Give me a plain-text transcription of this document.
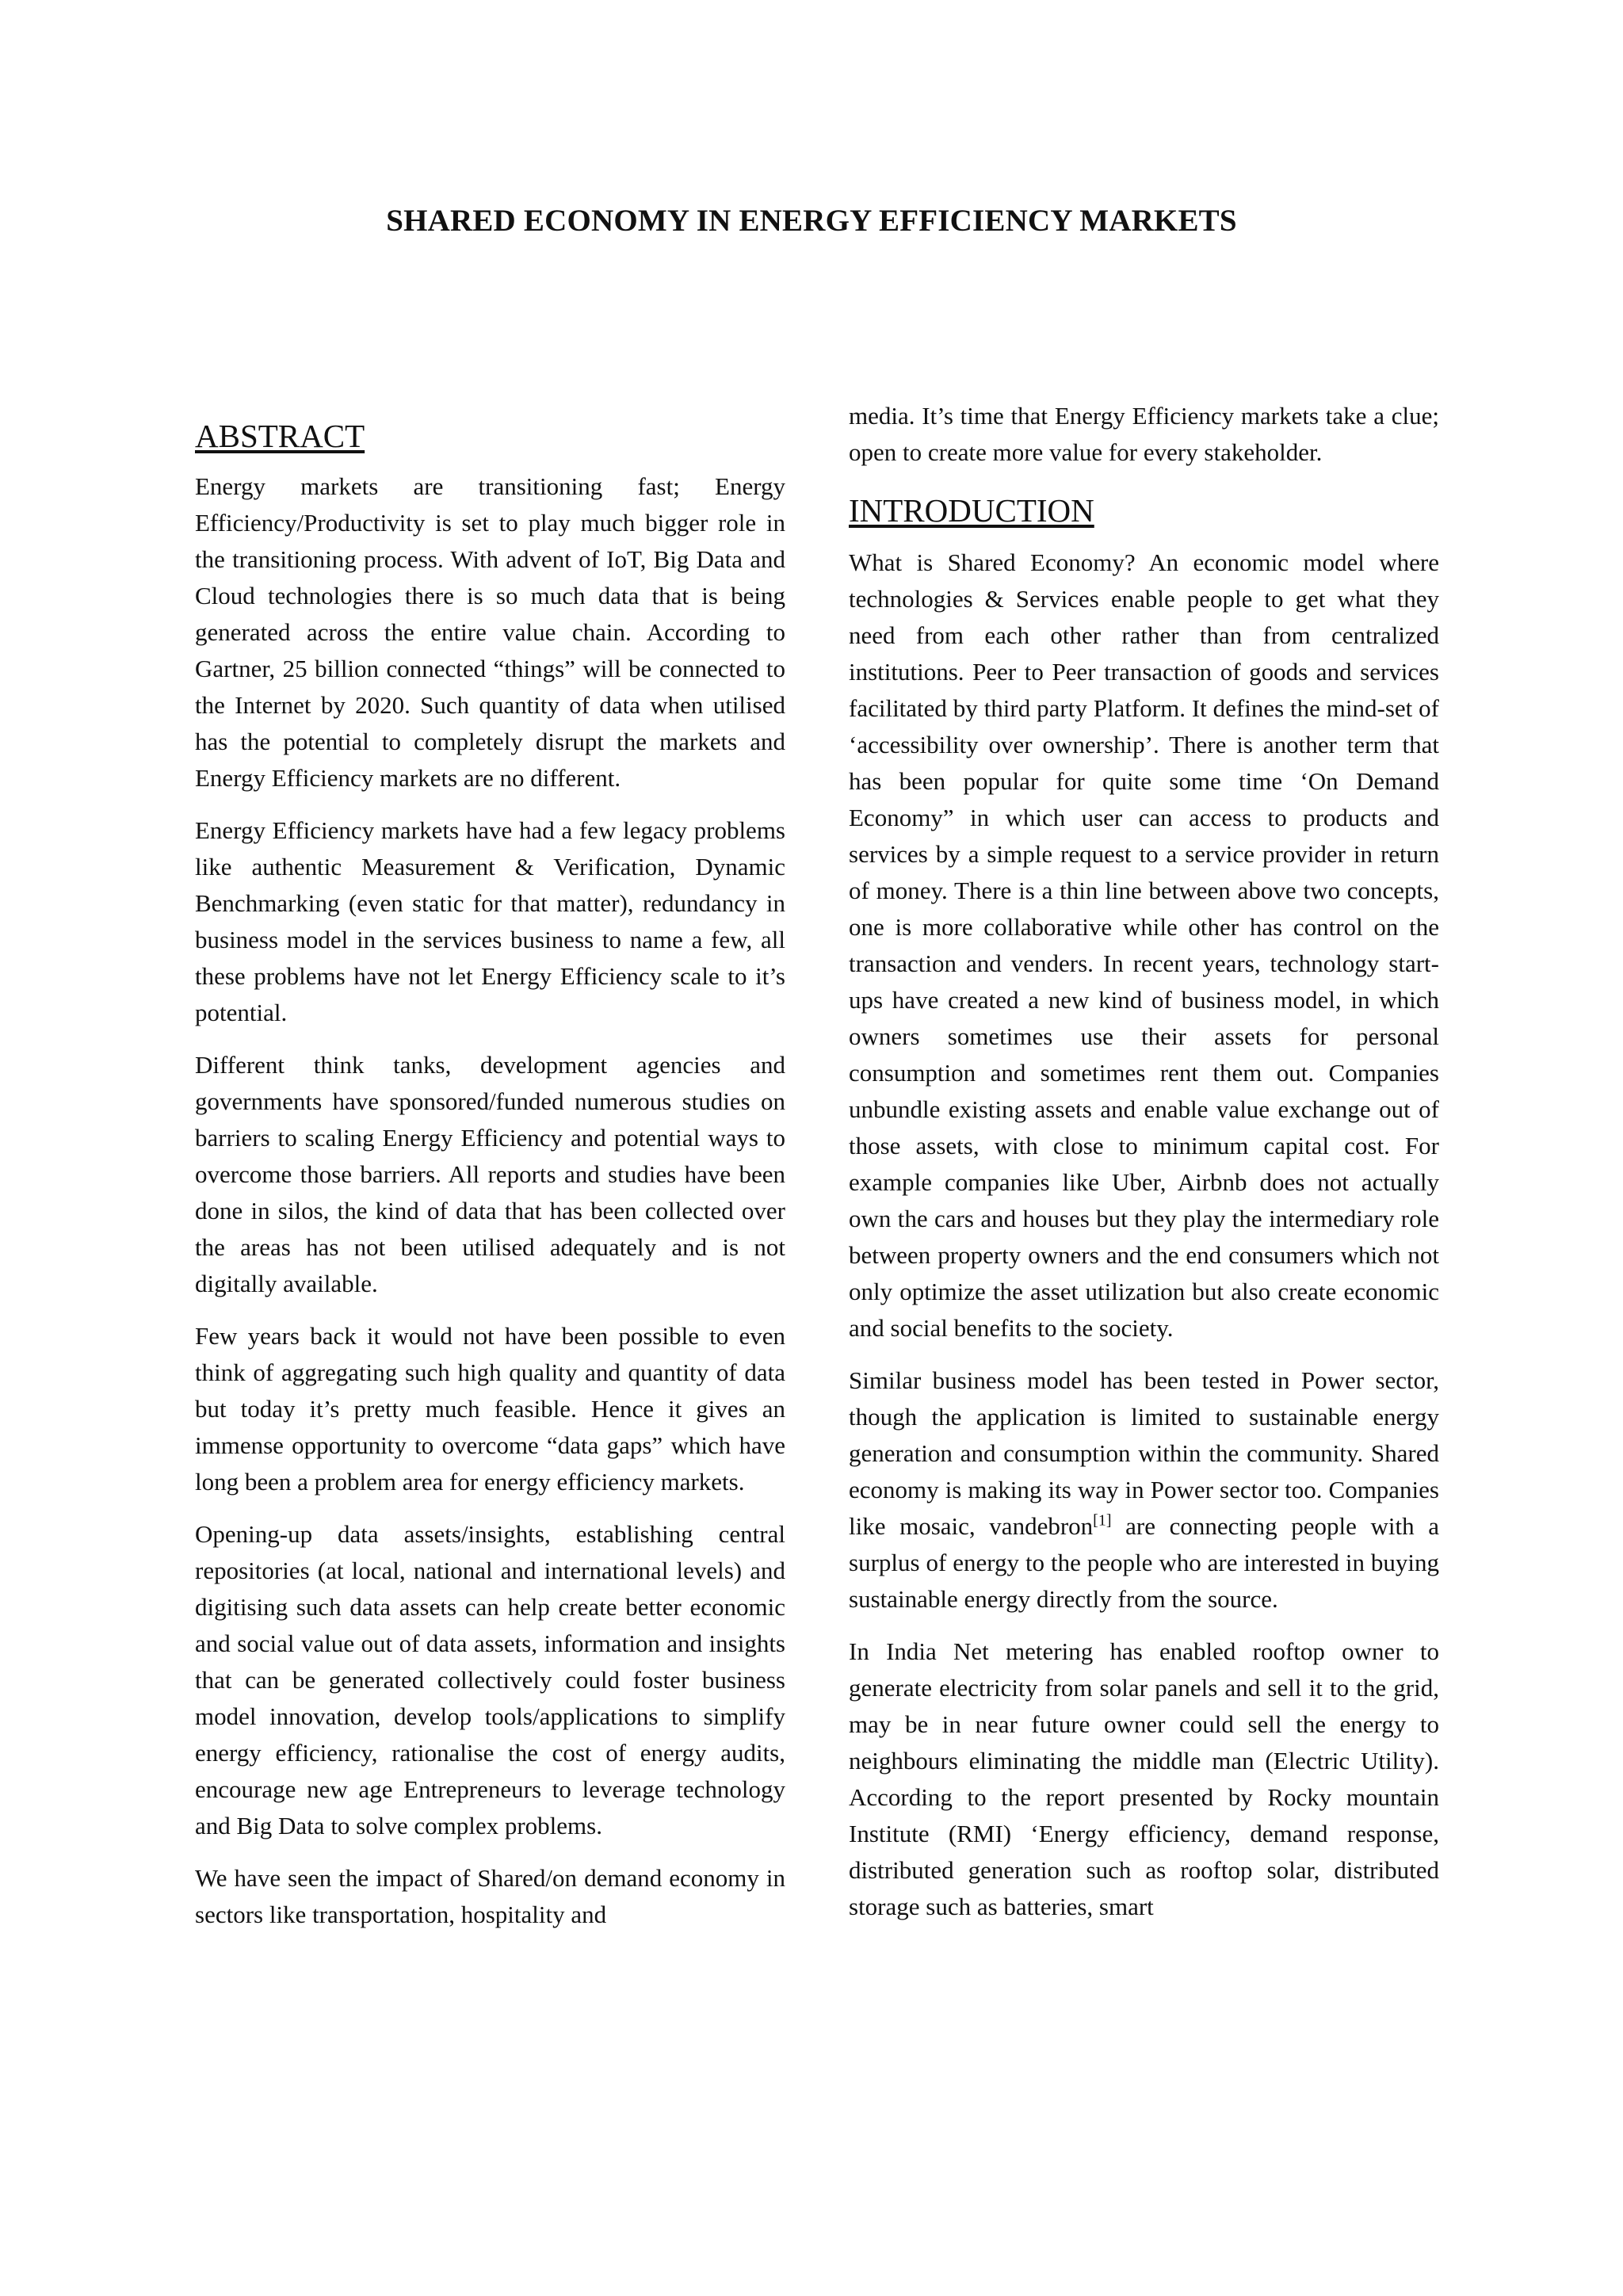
SHARED ECONOMY IN ENERGY EFFICIENCY MARKETS
ABSTRACT

Energy markets are transitioning fast; Energy Efficiency/Productivity is set to play much bigger role in the transitioning process. With advent of IoT, Big Data and Cloud technologies there is so much data that is being generated across the entire value chain. According to Gartner, 25 billion connected “things” will be connected to the Internet by 2020. Such quantity of data when utilised has the potential to completely disrupt the markets and Energy Efficiency markets are no different.

Energy Efficiency markets have had a few legacy problems like authentic Measurement & Verification, Dynamic Benchmarking (even static for that matter), redundancy in business model in the services business to name a few, all these problems have not let Energy Efficiency scale to it’s potential.

Different think tanks, development agencies and governments have sponsored/funded numerous studies on barriers to scaling Energy Efficiency and potential ways to overcome those barriers. All reports and studies have been done in silos, the kind of data that has been collected over the areas has not been utilised adequately and is not digitally available.

Few years back it would not have been possible to even think of aggregating such high quality and quantity of data but today it’s pretty much feasible. Hence it gives an immense opportunity to overcome “data gaps” which have long been a problem area for energy efficiency markets.

Opening-up data assets/insights, establishing central repositories (at local, national and international levels) and digitising such data assets can help create better economic and social value out of data assets, information and insights that can be generated collectively could foster business model innovation, develop tools/applications to simplify energy efficiency, rationalise the cost of energy audits, encourage new age Entrepreneurs to leverage technology and Big Data to solve complex problems.

We have seen the impact of Shared/on demand economy in sectors like transportation, hospitality and

media. It’s time that Energy Efficiency markets take a clue; open to create more value for every stakeholder.

INTRODUCTION

What is Shared Economy? An economic model where technologies & Services enable people to get what they need from each other rather than from centralized institutions. Peer to Peer transaction of goods and services facilitated by third party Platform. It defines the mind-set of ‘accessibility over ownership’. There is another term that has been popular for quite some time ‘On Demand Economy” in which user can access to products and services by a simple request to a service provider in return of money. There is a thin line between above two concepts, one is more collaborative while other has control on the transaction and venders. In recent years, technology start-ups have created a new kind of business model, in which owners sometimes use their assets for personal consumption and sometimes rent them out. Companies unbundle existing assets and enable value exchange out of those assets, with close to minimum capital cost. For example companies like Uber, Airbnb does not actually own the cars and houses but they play the intermediary role between property owners and the end consumers which not only optimize the asset utilization but also create economic and social benefits to the society.

Similar business model has been tested in Power sector, though the application is limited to sustainable energy generation and consumption within the community. Shared economy is making its way in Power sector too. Companies like mosaic, vandebron[1] are connecting people with a surplus of energy to the people who are interested in buying sustainable energy directly from the source.

In India Net metering has enabled rooftop owner to generate electricity from solar panels and sell it to the grid, may be in near future owner could sell the energy to neighbours eliminating the middle man (Electric Utility). According to the report presented by Rocky mountain Institute (RMI) ‘Energy efficiency, demand response, distributed generation such as rooftop solar, distributed storage such as batteries, smart
